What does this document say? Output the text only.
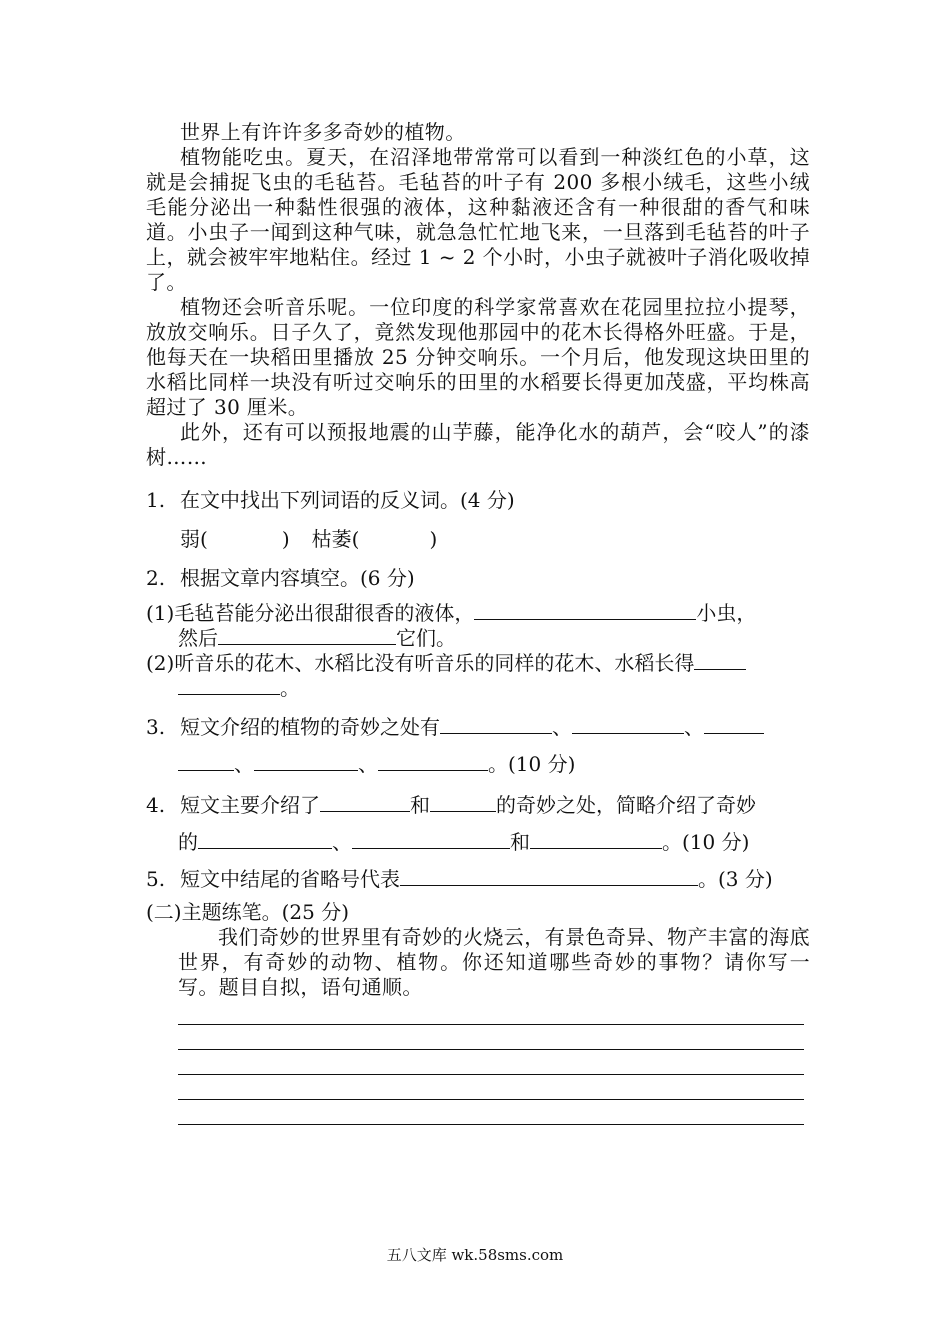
世界上有许许多多奇妙的植物。

植物能吃虫。夏天，在沼泽地带常常可以看到一种淡红色的小草，这就是会捕捉飞虫的毛毡苔。毛毡苔的叶子有 200 多根小绒毛，这些小绒毛能分泌出一种黏性很强的液体，这种黏液还含有一种很甜的香气和味道。小虫子一闻到这种气味，就急急忙忙地飞来，一旦落到毛毡苔的叶子上，就会被牢牢地粘住。经过 1 ~ 2 个小时，小虫子就被叶子消化吸收掉了。

植物还会听音乐呢。一位印度的科学家常喜欢在花园里拉拉小提琴，放放交响乐。日子久了，竟然发现他那园中的花木长得格外旺盛。于是，他每天在一块稻田里播放 25 分钟交响乐。一个月后，他发现这块田里的水稻比同样一块没有听过交响乐的田里的水稻要长得更加茂盛，平均株高超过了 30 厘米。

此外，还有可以预报地震的山芋藤，能净化水的葫芦，会“咬人”的漆树……

1. 在文中找出下列词语的反义词。(4 分)

弱(	) 枯萎(	)

2. 根据文章内容填空。(6 分)

(1)毛毡苔能分泌出很甜很香的液体，	小虫，
然后	它们。

(2)听音乐的花木、水稻比没有听音乐的同样的花木、水稻长得
。

3. 短文介绍的植物的奇妙之处有	、	、
、	、	。(10 分)

4. 短文主要介绍了	和	的奇妙之处，简略介绍了奇妙
的	、	和	。(10 分)

5. 短文中结尾的省略号代表	。(3 分)

(二)主题练笔。(25 分)

我们奇妙的世界里有奇妙的火烧云，有景色奇异、物产丰富的海底世界，有奇妙的动物、植物。你还知道哪些奇妙的事物？请你写一写。题目自拟，语句通顺。

五八文库 wk.58sms.com
